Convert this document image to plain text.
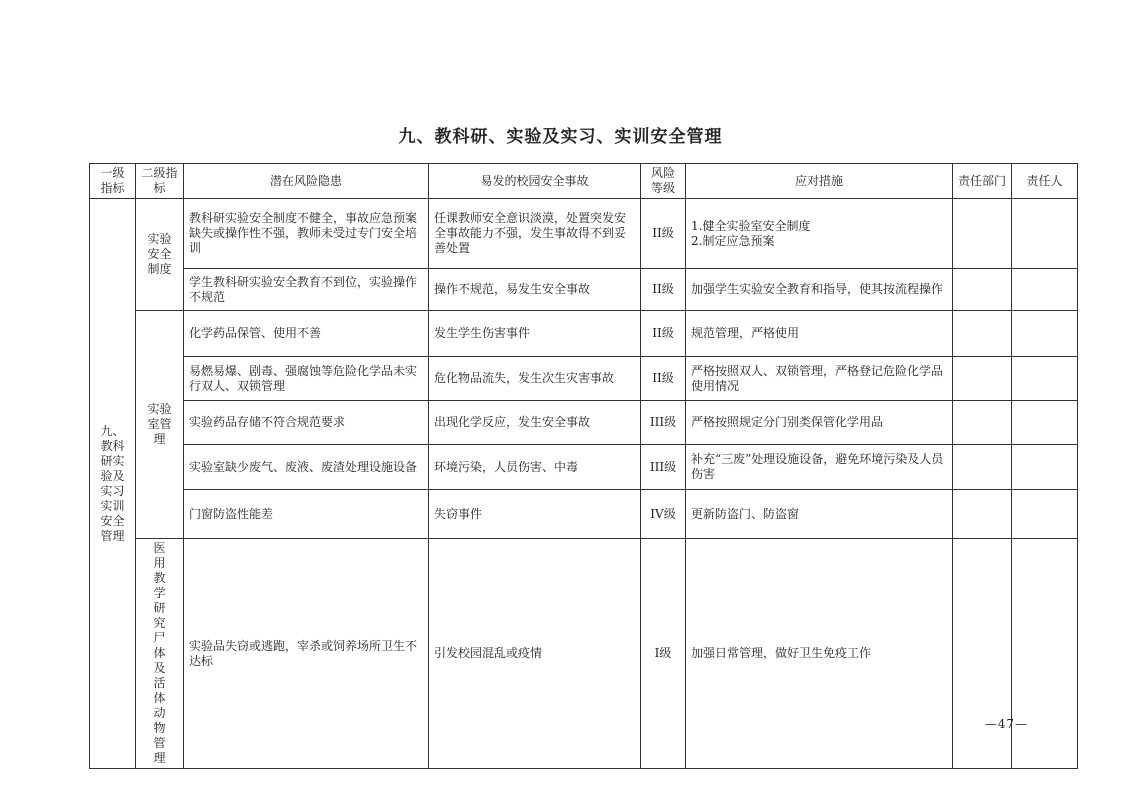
九、教科研、实验及实习、实训安全管理
一级指标	二级指标	潜在风险隐患	易发的校园安全事故	风险等级	应对措施	责任部门	责任人

九、教科研实验及实习实训安全管理	实验安全制度	教科研实验安全制度不健全，事故应急预案缺失或操作性不强，教师未受过专门安全培训	任课教师安全意识淡漠，处置突发安全事故能力不强，发生事故得不到妥善处置	II级	1.健全实验室安全制度
2.制定应急预案		
		学生教科研实验安全教育不到位，实验操作不规范	操作不规范，易发生安全事故	II级	加强学生实验安全教育和指导，使其按流程操作		

	实验室管理	化学药品保管、使用不善	发生学生伤害事件	II级	规范管理，严格使用		
		易燃易爆、剧毒、强腐蚀等危险化学品未实行双人、双锁管理	危化物品流失，发生次生灾害事故	II级	严格按照双人、双锁管理，严格登记危险化学品使用情况		
		实验药品存储不符合规范要求	出现化学反应，发生安全事故	III级	严格按照规定分门别类保管化学用品		
		实验室缺少废气、废液、废渣处理设施设备	环境污染，人员伤害、中毒	III级	补充“三废”处理设施设备，避免环境污染及人员伤害		
		门窗防盗性能差	失窃事件	IV级	更新防盗门、防盗窗		

	医用教学研究尸体及活体动物管理	实验品失窃或逃跑，宰杀或饲养场所卫生不达标	引发校园混乱或疫情	I级	加强日常管理，做好卫生免疫工作		
—47—
